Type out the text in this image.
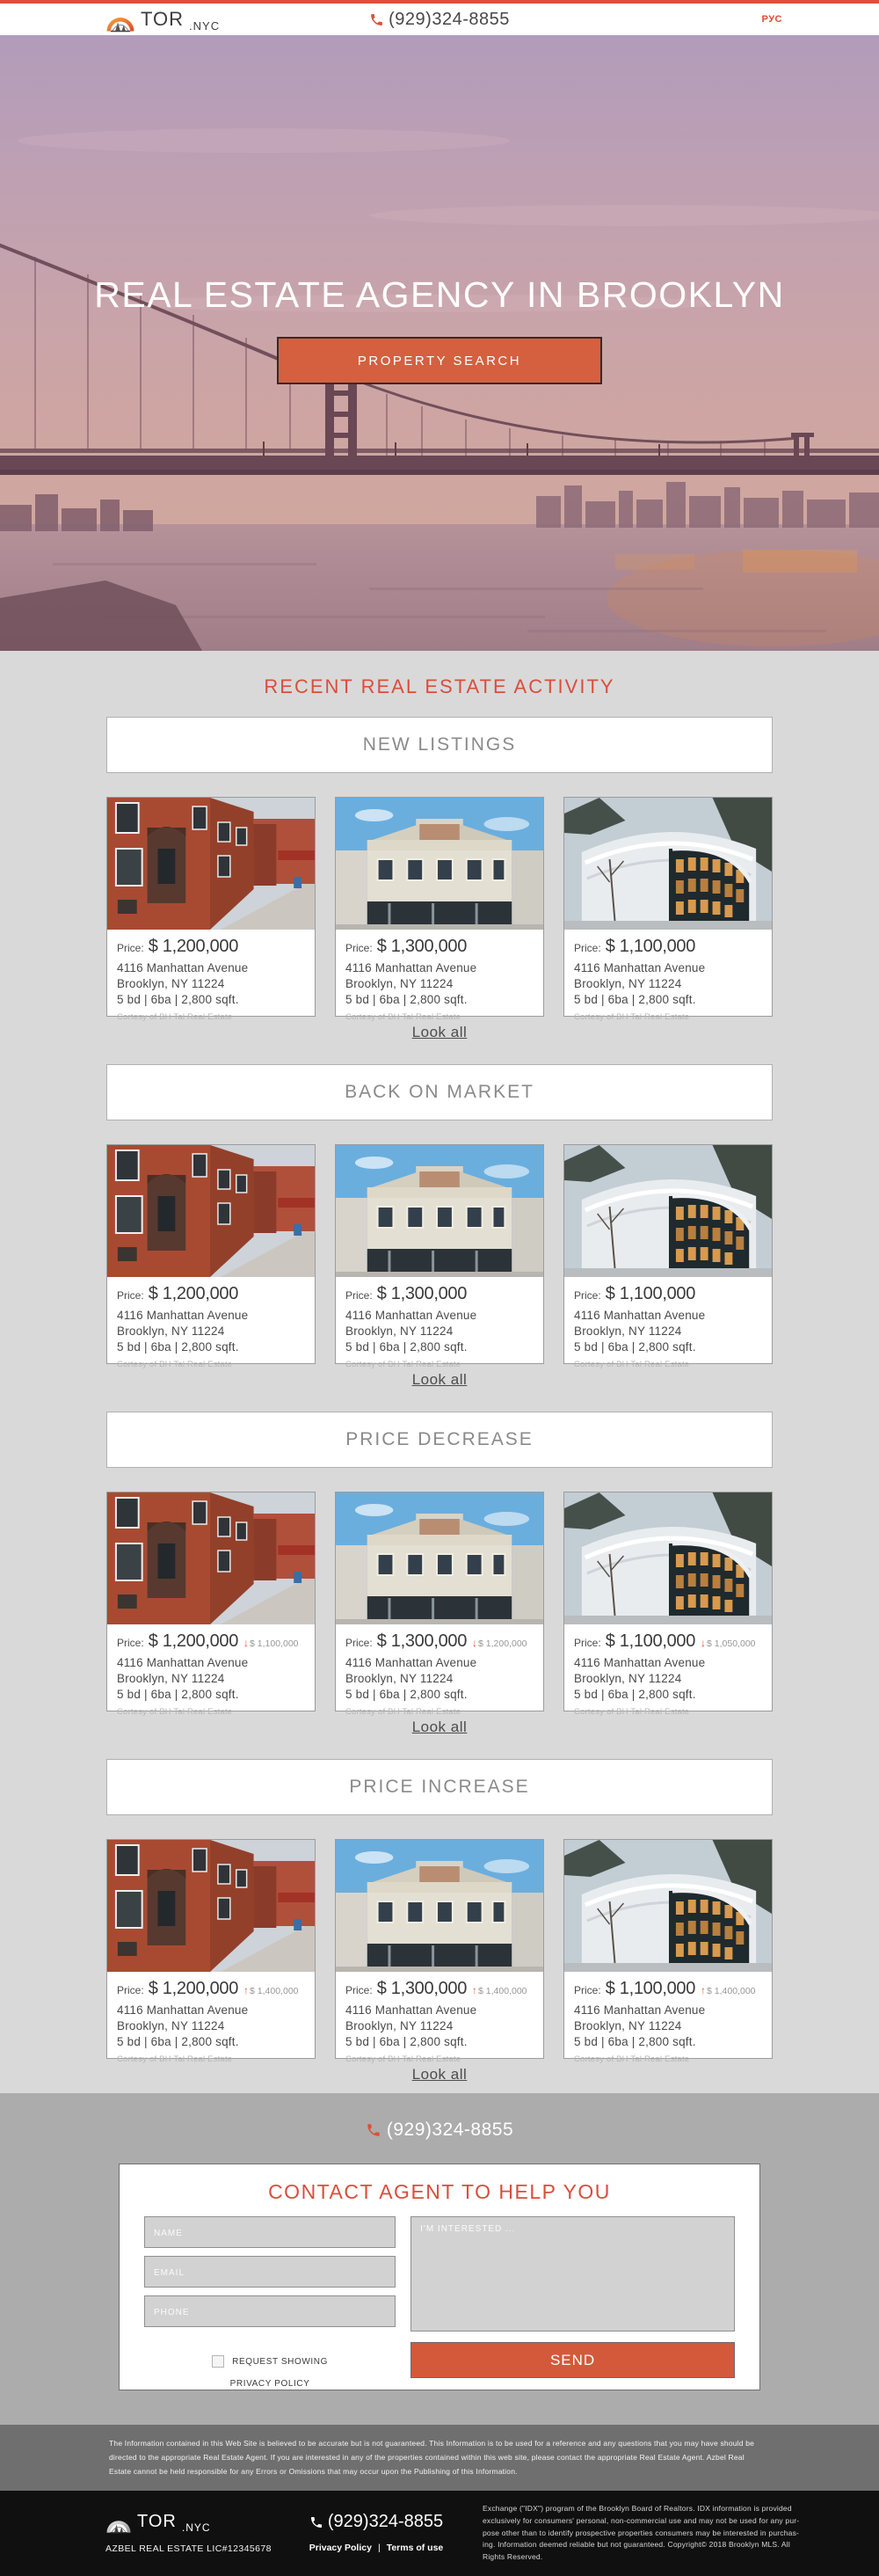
TOR .NYC	(929)324-8855	РУС
REAL ESTATE AGENCY IN BROOKLYN
PROPERTY SEARCH
RECENT REAL ESTATE ACTIVITY
NEW LISTINGS
Price: $ 1,200,000
4116 Manhattan Avenue
Brooklyn, NY 11224
5 bd | 6ba | 2,800 sqft.
Cortesy of BH Tal Real Estate
Price: $ 1,300,000
4116 Manhattan Avenue
Brooklyn, NY 11224
5 bd | 6ba | 2,800 sqft.
Cortesy of BH Tal Real Estate
Price: $ 1,100,000
4116 Manhattan Avenue
Brooklyn, NY 11224
5 bd | 6ba | 2,800 sqft.
Cortesy of BH Tal Real Estate
Look all
BACK ON MARKET
Price: $ 1,200,000
4116 Manhattan Avenue
Brooklyn, NY 11224
5 bd | 6ba | 2,800 sqft.
Cortesy of BH Tal Real Estate
Price: $ 1,300,000
4116 Manhattan Avenue
Brooklyn, NY 11224
5 bd | 6ba | 2,800 sqft.
Cortesy of BH Tal Real Estate
Price: $ 1,100,000
4116 Manhattan Avenue
Brooklyn, NY 11224
5 bd | 6ba | 2,800 sqft.
Cortesy of BH Tal Real Estate
Look all
PRICE DECREASE
Price: $ 1,200,000 ↓$ 1,100,000
4116 Manhattan Avenue
Brooklyn, NY 11224
5 bd | 6ba | 2,800 sqft.
Cortesy of BH Tal Real Estate
Price: $ 1,300,000 ↓$ 1,200,000
4116 Manhattan Avenue
Brooklyn, NY 11224
5 bd | 6ba | 2,800 sqft.
Cortesy of BH Tal Real Estate
Price: $ 1,100,000 ↓$ 1,050,000
4116 Manhattan Avenue
Brooklyn, NY 11224
5 bd | 6ba | 2,800 sqft.
Cortesy of BH Tal Real Estate
Look all
PRICE INCREASE
Price: $ 1,200,000 ↑$ 1,400,000
4116 Manhattan Avenue
Brooklyn, NY 11224
5 bd | 6ba | 2,800 sqft.
Cortesy of BH Tal Real Estate
Price: $ 1,300,000 ↑$ 1,400,000
4116 Manhattan Avenue
Brooklyn, NY 11224
5 bd | 6ba | 2,800 sqft.
Cortesy of BH Tal Real Estate
Price: $ 1,100,000 ↑$ 1,400,000
4116 Manhattan Avenue
Brooklyn, NY 11224
5 bd | 6ba | 2,800 sqft.
Cortesy of BH Tal Real Estate
Look all
(929)324-8855
CONTACT AGENT TO HELP YOU
NAME EMAIL PHONE
REQUEST SHOWING
PRIVACY POLICY
I'M INTERESTED ...
SEND
The Information contained in this Web Site is believed to be accurate but is not guaranteed. This Information is to be used for a reference and any questions that you may have should be
directed to the appropriate Real Estate Agent. If you are interested in any of the properties contained within this web site, please contact the appropriate Real Estate Agent. Azbel Real
Estate cannot be held responsible for any Errors or Omissions that may occur upon the Publishing of this Information.
TOR .NYC
AZBEL REAL ESTATE LIC#12345678
(929)324-8855
Privacy Policy | Terms of use
Exchange ("IDX") program of the Brooklyn Board of Realtors. IDX information is provided
exclusively for consumers' personal, non-commercial use and may not be used for any pur-
pose other than to identify prospective properties consumers may be interested in purchas-
ing. Information deemed reliable but not guaranteed. Copyright© 2018 Brooklyn MLS. All
Rights Reserved.
